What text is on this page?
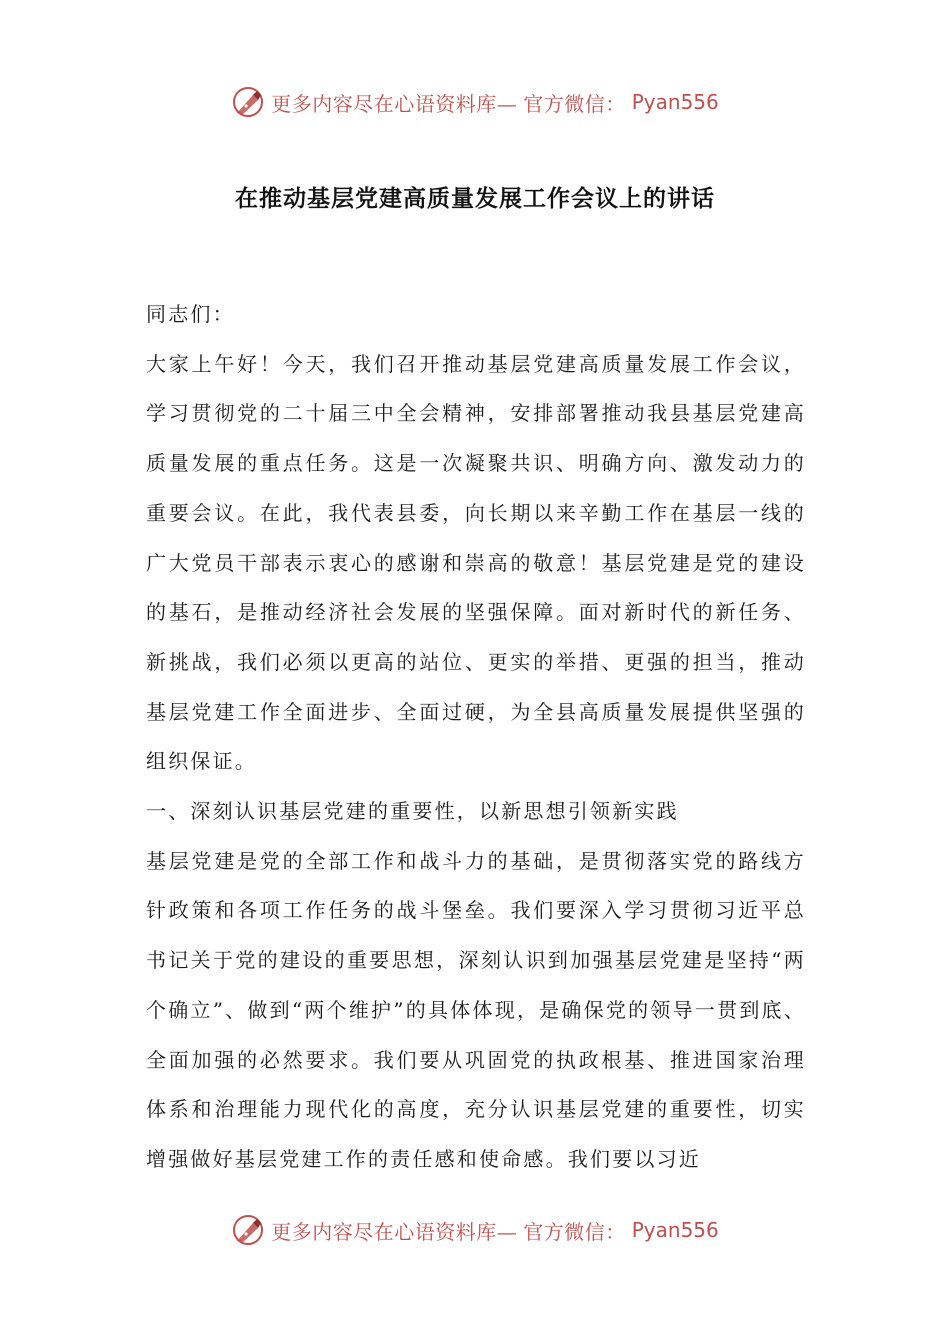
更多内容尽在心语资料库— 官方微信： Pyan556
在推动基层党建高质量发展工作会议上的讲话

同志们：

大家上午好！今天，我们召开推动基层党建高质量发展工作会议，学习贯彻党的二十届三中全会精神，安排部署推动我县基层党建高质量发展的重点任务。这是一次凝聚共识、明确方向、激发动力的重要会议。在此，我代表县委，向长期以来辛勤工作在基层一线的广大党员干部表示衷心的感谢和崇高的敬意！基层党建是党的建设的基石，是推动经济社会发展的坚强保障。面对新时代的新任务、新挑战，我们必须以更高的站位、更实的举措、更强的担当，推动基层党建工作全面进步、全面过硬，为全县高质量发展提供坚强的组织保证。

一、深刻认识基层党建的重要性，以新思想引领新实践

基层党建是党的全部工作和战斗力的基础，是贯彻落实党的路线方针政策和各项工作任务的战斗堡垒。我们要深入学习贯彻习近平总书记关于党的建设的重要思想，深刻认识到加强基层党建是坚持“两个确立”、做到“两个维护”的具体体现，是确保党的领导一贯到底、全面加强的必然要求。我们要从巩固党的执政根基、推进国家治理体系和治理能力现代化的高度，充分认识基层党建的重要性，切实增强做好基层党建工作的责任感和使命感。我们要以习近

更多内容尽在心语资料库— 官方微信： Pyan556
